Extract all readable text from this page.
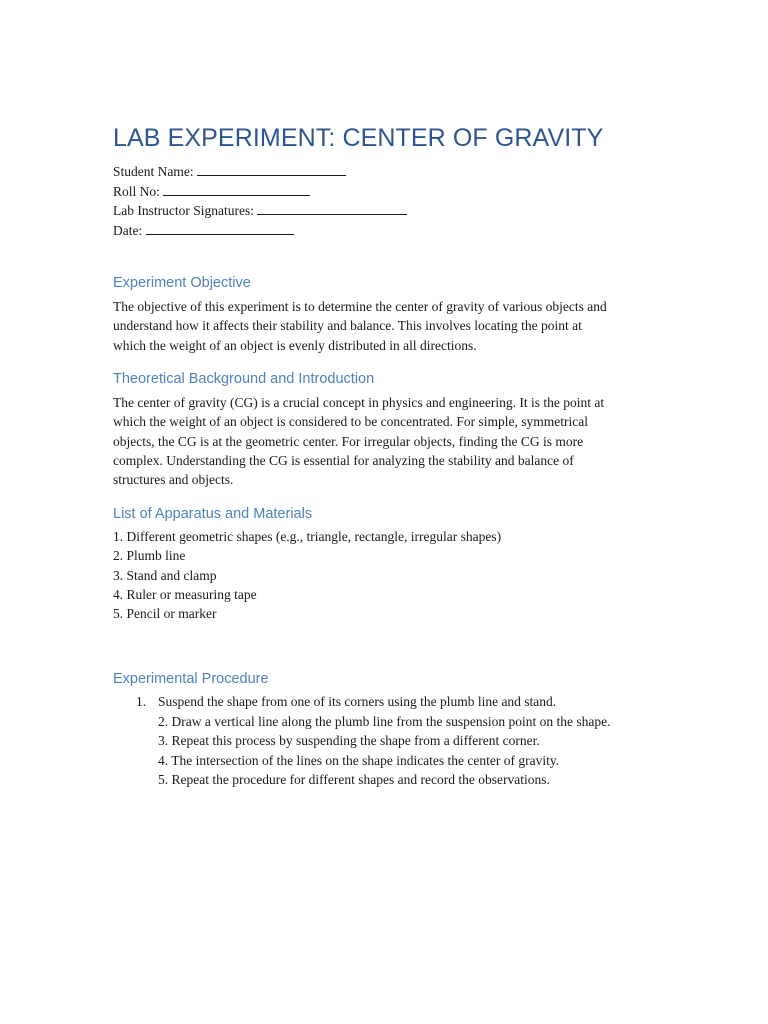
LAB EXPERIMENT: CENTER OF GRAVITY
Student Name:
Roll No:
Lab Instructor Signatures:
Date:
Experiment Objective
The objective of this experiment is to determine the center of gravity of various objects and
understand how it affects their stability and balance. This involves locating the point at
which the weight of an object is evenly distributed in all directions.
Theoretical Background and Introduction
The center of gravity (CG) is a crucial concept in physics and engineering. It is the point at
which the weight of an object is considered to be concentrated. For simple, symmetrical
objects, the CG is at the geometric center. For irregular objects, finding the CG is more
complex. Understanding the CG is essential for analyzing the stability and balance of
structures and objects.
List of Apparatus and Materials
1. Different geometric shapes (e.g., triangle, rectangle, irregular shapes)
2. Plumb line
3. Stand and clamp
4. Ruler or measuring tape
5. Pencil or marker
Experimental Procedure
1. Suspend the shape from one of its corners using the plumb line and stand.
2. Draw a vertical line along the plumb line from the suspension point on the shape.
3. Repeat this process by suspending the shape from a different corner.
4. The intersection of the lines on the shape indicates the center of gravity.
5. Repeat the procedure for different shapes and record the observations.
